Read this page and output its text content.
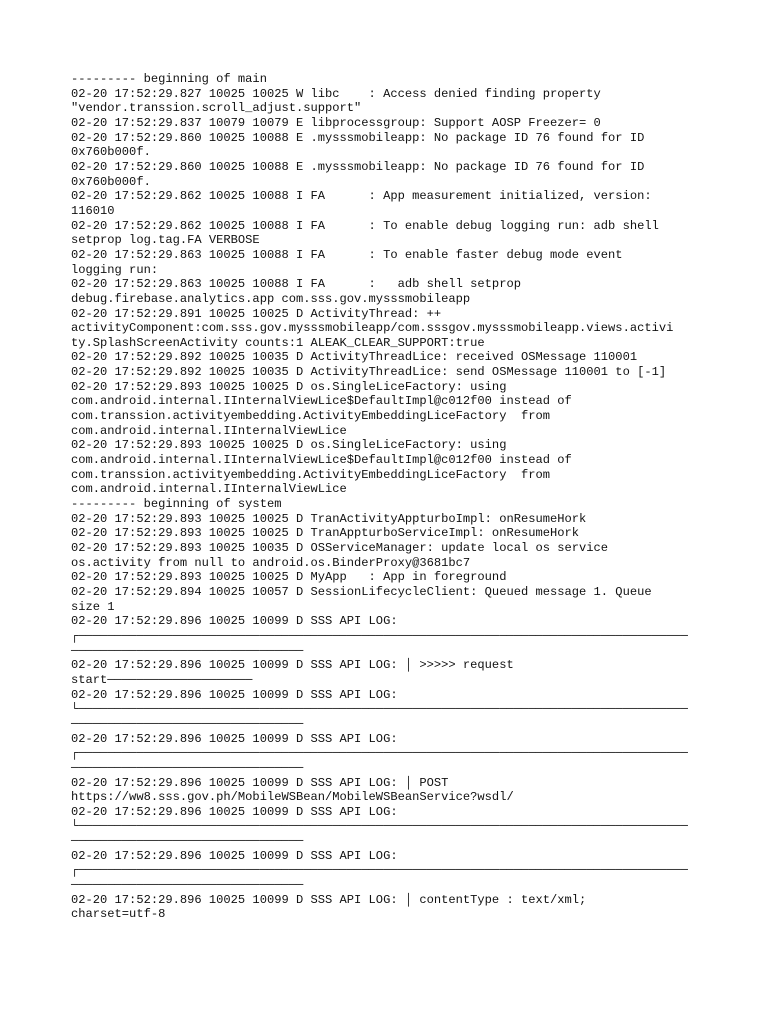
--------- beginning of main
02-20 17:52:29.827 10025 10025 W libc    : Access denied finding property
"vendor.transsion.scroll_adjust.support"
02-20 17:52:29.837 10079 10079 E libprocessgroup: Support AOSP Freezer= 0
02-20 17:52:29.860 10025 10088 E .mysssmobileapp: No package ID 76 found for ID
0x760b000f.
02-20 17:52:29.860 10025 10088 E .mysssmobileapp: No package ID 76 found for ID
0x760b000f.
02-20 17:52:29.862 10025 10088 I FA      : App measurement initialized, version:
116010
02-20 17:52:29.862 10025 10088 I FA      : To enable debug logging run: adb shell
setprop log.tag.FA VERBOSE
02-20 17:52:29.863 10025 10088 I FA      : To enable faster debug mode event
logging run:
02-20 17:52:29.863 10025 10088 I FA      :   adb shell setprop
debug.firebase.analytics.app com.sss.gov.mysssmobileapp
02-20 17:52:29.891 10025 10025 D ActivityThread: ++
activityComponent:com.sss.gov.mysssmobileapp/com.sssgov.mysssmobileapp.views.activi
ty.SplashScreenActivity counts:1 ALEAK_CLEAR_SUPPORT:true
02-20 17:52:29.892 10025 10035 D ActivityThreadLice: received OSMessage 110001
02-20 17:52:29.892 10025 10035 D ActivityThreadLice: send OSMessage 110001 to [-1]
02-20 17:52:29.893 10025 10025 D os.SingleLiceFactory: using
com.android.internal.IInternalViewLice$DefaultImpl@c012f00 instead of
com.transsion.activityembedding.ActivityEmbeddingLiceFactory  from
com.android.internal.IInternalViewLice
02-20 17:52:29.893 10025 10025 D os.SingleLiceFactory: using
com.android.internal.IInternalViewLice$DefaultImpl@c012f00 instead of
com.transsion.activityembedding.ActivityEmbeddingLiceFactory  from
com.android.internal.IInternalViewLice
--------- beginning of system
02-20 17:52:29.893 10025 10025 D TranActivityAppturboImpl: onResumeHork
02-20 17:52:29.893 10025 10025 D TranAppturboServiceImpl: onResumeHork
02-20 17:52:29.893 10025 10035 D OSServiceManager: update local os service
os.activity from null to android.os.BinderProxy@3681bc7
02-20 17:52:29.893 10025 10025 D MyApp   : App in foreground
02-20 17:52:29.894 10025 10057 D SessionLifecycleClient: Queued message 1. Queue
size 1
02-20 17:52:29.896 10025 10099 D SSS API LOG:
┌────────────────────────────────────────────────────────────────────────────────────
────────────────────────────────
02-20 17:52:29.896 10025 10099 D SSS API LOG: │ >>>>> request
start────────────────────
02-20 17:52:29.896 10025 10099 D SSS API LOG:
└────────────────────────────────────────────────────────────────────────────────────
────────────────────────────────
02-20 17:52:29.896 10025 10099 D SSS API LOG:
┌────────────────────────────────────────────────────────────────────────────────────
────────────────────────────────
02-20 17:52:29.896 10025 10099 D SSS API LOG: │ POST
https://ww8.sss.gov.ph/MobileWSBean/MobileWSBeanService?wsdl/
02-20 17:52:29.896 10025 10099 D SSS API LOG:
└────────────────────────────────────────────────────────────────────────────────────
────────────────────────────────
02-20 17:52:29.896 10025 10099 D SSS API LOG:
┌────────────────────────────────────────────────────────────────────────────────────
────────────────────────────────
02-20 17:52:29.896 10025 10099 D SSS API LOG: │ contentType : text/xml;
charset=utf-8
